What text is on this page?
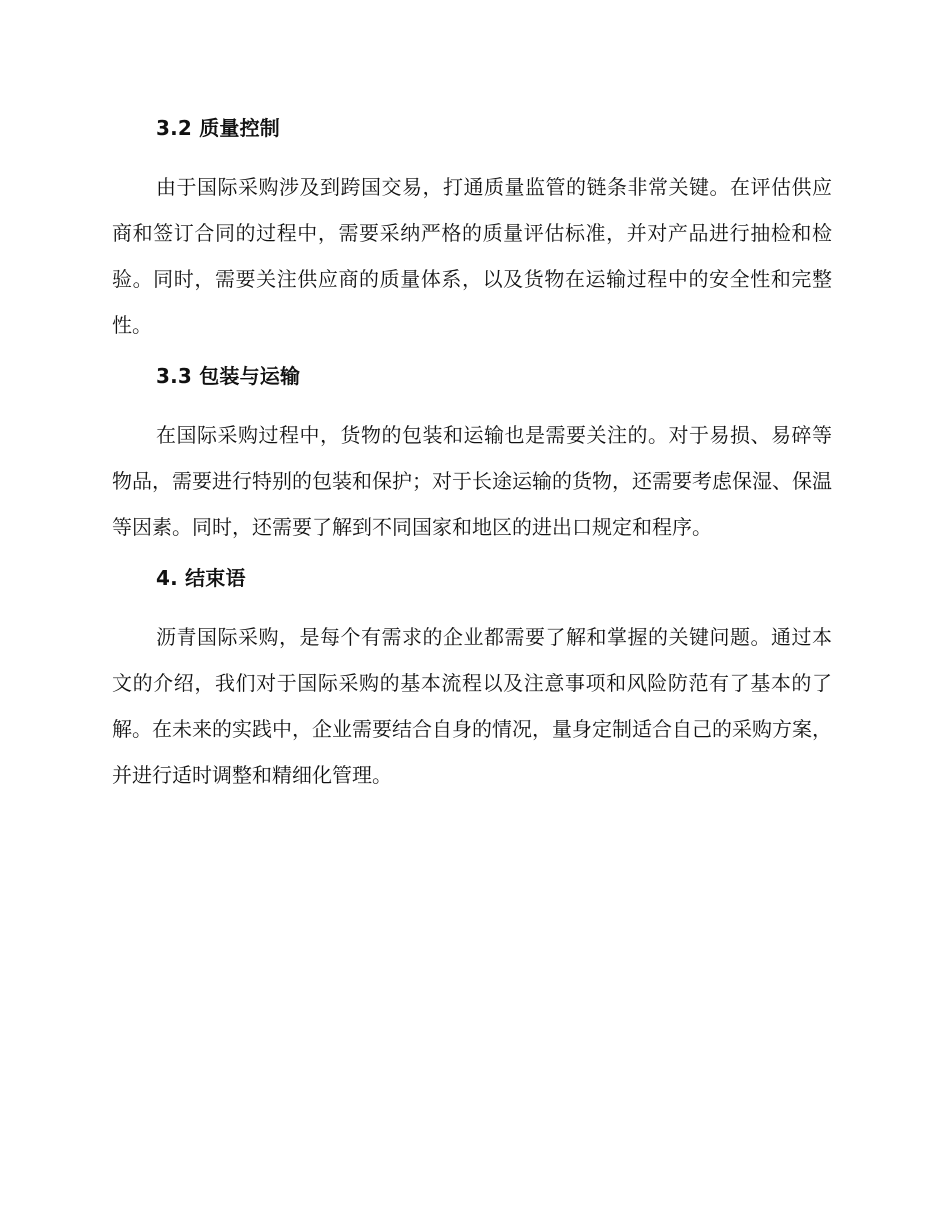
3.2 质量控制

由于国际采购涉及到跨国交易，打通质量监管的链条非常关键。在评估供应商和签订合同的过程中，需要采纳严格的质量评估标准，并对产品进行抽检和检验。同时，需要关注供应商的质量体系，以及货物在运输过程中的安全性和完整性。

3.3 包装与运输

在国际采购过程中，货物的包装和运输也是需要关注的。对于易损、易碎等物品，需要进行特别的包装和保护；对于长途运输的货物，还需要考虑保湿、保温等因素。同时，还需要了解到不同国家和地区的进出口规定和程序。

4. 结束语

沥青国际采购，是每个有需求的企业都需要了解和掌握的关键问题。通过本文的介绍，我们对于国际采购的基本流程以及注意事项和风险防范有了基本的了解。在未来的实践中，企业需要结合自身的情况，量身定制适合自己的采购方案，并进行适时调整和精细化管理。
